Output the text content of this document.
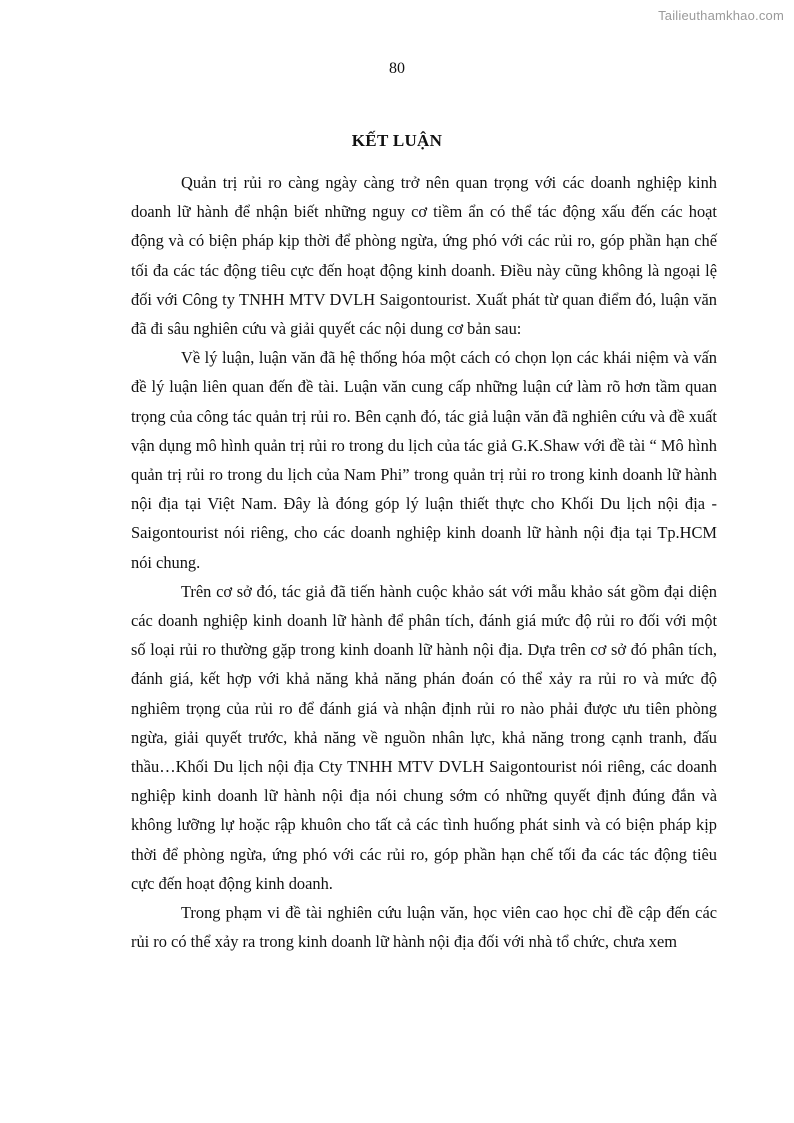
Tailieuthamkhao.com
80
KẾT LUẬN

Quản trị rủi ro càng ngày càng trở nên quan trọng với các doanh nghiệp kinh doanh lữ hành để nhận biết những nguy cơ tiềm ẩn có thể tác động xấu đến các hoạt động và có biện pháp kịp thời để phòng ngừa, ứng phó với các rủi ro, góp phần hạn chế tối đa các tác động tiêu cực đến hoạt động kinh doanh. Điều này cũng không là ngoại lệ đối với Công ty TNHH MTV DVLH Saigontourist. Xuất phát từ quan điểm đó, luận văn đã đi sâu nghiên cứu và giải quyết các nội dung cơ bản sau:

Về lý luận, luận văn đã hệ thống hóa một cách có chọn lọn các khái niệm và vấn đề lý luận liên quan đến đề tài. Luận văn cung cấp những luận cứ làm rõ hơn tầm quan trọng của công tác quản trị rủi ro. Bên cạnh đó, tác giả luận văn đã nghiên cứu và đề xuất vận dụng mô hình quản trị rủi ro trong du lịch của tác giả G.K.Shaw với đề tài “ Mô hình quản trị rủi ro trong du lịch của Nam Phi” trong quản trị rủi ro trong kinh doanh lữ hành nội địa tại Việt Nam. Đây là đóng góp lý luận thiết thực cho Khối Du lịch nội địa - Saigontourist nói riêng, cho các doanh nghiệp kinh doanh lữ hành nội địa tại Tp.HCM nói chung.

Trên cơ sở đó, tác giả đã tiến hành cuộc khảo sát với mẫu khảo sát gồm đại diện các doanh nghiệp kinh doanh lữ hành để phân tích, đánh giá mức độ rủi ro đối với một số loại rủi ro thường gặp trong kinh doanh lữ hành nội địa. Dựa trên cơ sở đó phân tích, đánh giá, kết hợp với khả năng khả năng phán đoán có thể xảy ra rủi ro và mức độ nghiêm trọng của rủi ro để đánh giá và nhận định rủi ro nào phải được ưu tiên phòng ngừa, giải quyết trước, khả năng về nguồn nhân lực, khả năng trong cạnh tranh, đấu thầu…Khối Du lịch nội địa Cty TNHH MTV DVLH Saigontourist nói riêng, các doanh nghiệp kinh doanh lữ hành nội địa nói chung sớm có những quyết định đúng đắn và không lưỡng lự hoặc rập khuôn cho tất cả các tình huống phát sinh và có biện pháp kịp thời để phòng ngừa, ứng phó với các rủi ro, góp phần hạn chế tối đa các tác động tiêu cực đến hoạt động kinh doanh.

Trong phạm vi đề tài nghiên cứu luận văn, học viên cao học chỉ đề cập đến các rủi ro có thể xảy ra trong kinh doanh lữ hành nội địa đối với nhà tổ chức, chưa xem
